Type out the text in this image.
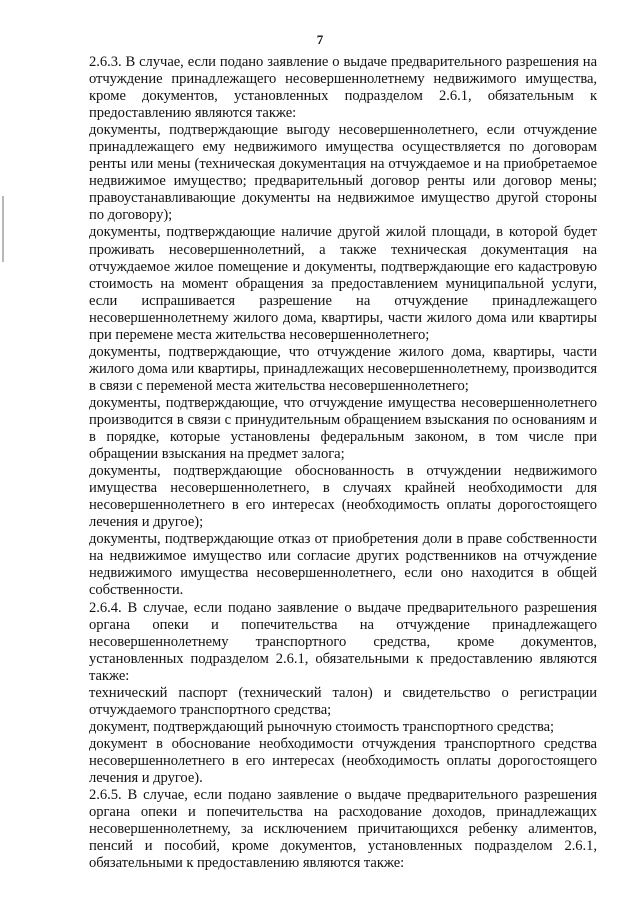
7

2.6.3. В случае, если подано заявление о выдаче предварительного разрешения на отчуждение принадлежащего несовершеннолетнему недвижимого имущества, кроме документов, установленных подразделом 2.6.1, обязательным к предоставлению являются также:

документы, подтверждающие выгоду несовершеннолетнего, если отчуждение принадлежащего ему недвижимого имущества осуществляется по договорам ренты или мены (техническая документация на отчуждаемое и на приобретаемое недвижимое имущество; предварительный договор ренты или договор мены; правоустанавливающие документы на недвижимое имущество другой стороны по договору);

документы, подтверждающие наличие другой жилой площади, в которой будет проживать несовершеннолетний, а также техническая документация на отчуждаемое жилое помещение и документы, подтверждающие его кадастровую стоимость на момент обращения за предоставлением муниципальной услуги, если испрашивается разрешение на отчуждение принадлежащего несовершеннолетнему жилого дома, квартиры, части жилого дома или квартиры при перемене места жительства несовершеннолетнего;

документы, подтверждающие, что отчуждение жилого дома, квартиры, части жилого дома или квартиры, принадлежащих несовершеннолетнему, производится в связи с переменой места жительства несовершеннолетнего;

документы, подтверждающие, что отчуждение имущества несовершеннолетнего производится в связи с принудительным обращением взыскания по основаниям и в порядке, которые установлены федеральным законом, в том числе при обращении взыскания на предмет залога;

документы, подтверждающие обоснованность в отчуждении недвижимого имущества несовершеннолетнего, в случаях крайней необходимости для несовершеннолетнего в его интересах (необходимость оплаты дорогостоящего лечения и другое);

документы, подтверждающие отказ от приобретения доли в праве собственности на недвижимое имущество или согласие других родственников на отчуждение недвижимого имущества несовершеннолетнего, если оно находится в общей собственности.

2.6.4. В случае, если подано заявление о выдаче предварительного разрешения органа опеки и попечительства на отчуждение принадлежащего несовершеннолетнему транспортного средства, кроме документов, установленных подразделом 2.6.1, обязательными к предоставлению являются также:

технический паспорт (технический талон) и свидетельство о регистрации отчуждаемого транспортного средства;

документ, подтверждающий рыночную стоимость транспортного средства;

документ в обоснование необходимости отчуждения транспортного средства несовершеннолетнего в его интересах (необходимость оплаты дорогостоящего лечения и другое).

2.6.5. В случае, если подано заявление о выдаче предварительного разрешения органа опеки и попечительства на расходование доходов, принадлежащих несовершеннолетнему, за исключением причитающихся ребенку алиментов, пенсий и пособий, кроме документов, установленных подразделом 2.6.1, обязательными к предоставлению являются также:
